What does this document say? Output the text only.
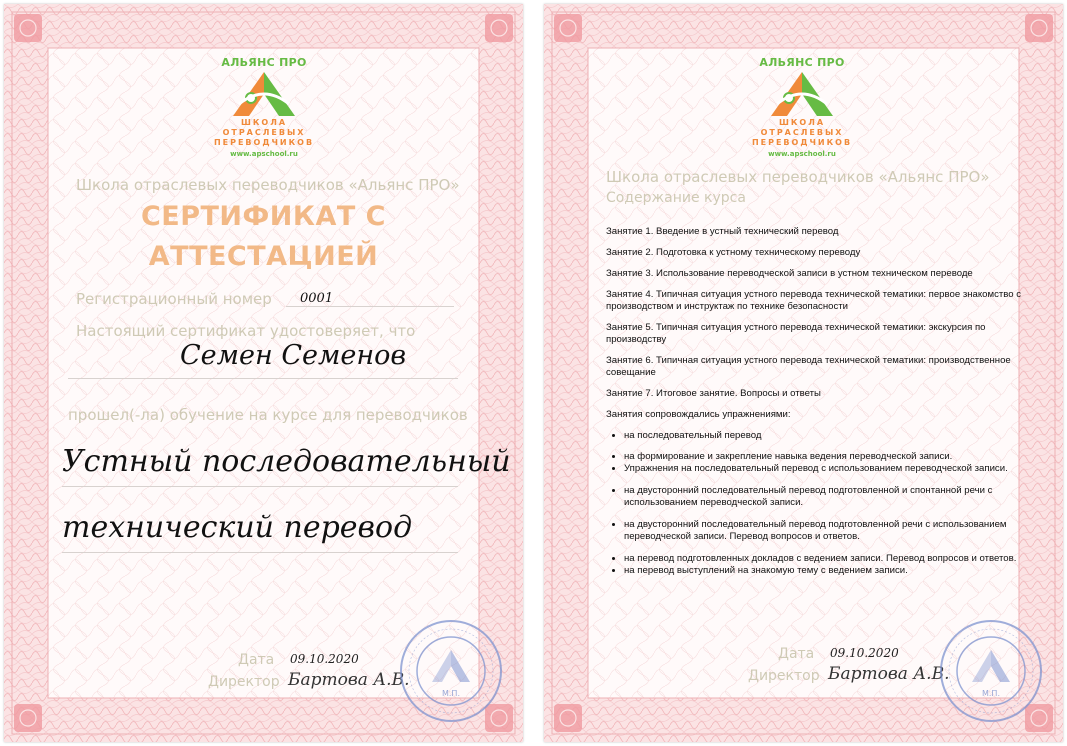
АЛЬЯНС ПРО
ШКОЛА
ОТРАСЛЕВЫХ
ПЕРЕВОДЧИКОВ
www.apschool.ru
Школа отраслевых переводчиков «Альянс ПРО»
СЕРТИФИКАТ С
АТТЕСТАЦИЕЙ
Регистрационный номер 0001
Настоящий сертификат удостоверяет, что
Семен Семенов
прошел(-ла) обучение на курсе для переводчиков
Устный последовательный
технический перевод
Дата 09.10.2020
Директор Бартова А.В.
М.П.
АЛЬЯНС ПРО
ШКОЛА
ОТРАСЛЕВЫХ
ПЕРЕВОДЧИКОВ
www.apschool.ru
Школа отраслевых переводчиков «Альянс ПРО»
Содержание курса

Занятие 1. Введение в устный технический перевод

Занятие 2. Подготовка к устному техническому переводу

Занятие 3. Использование переводческой записи в устном техническом переводе

Занятие 4. Типичная ситуация устного перевода технической тематики: первое знакомство с производством и инструктаж по технике безопасности

Занятие 5. Типичная ситуация устного перевода технической тематики: экскурсия по производству

Занятие 6. Типичная ситуация устного перевода технической тематики: производственное совещание

Занятие 7. Итоговое занятие. Вопросы и ответы

Занятия сопровождались упражнениями:

• на последовательный перевод
• на формирование и закрепление навыка ведения переводческой записи.
• Упражнения на последовательный перевод с использованием переводческой записи.
• на двусторонний последовательный перевод подготовленной и спонтанной речи с использованием переводческой записи.
• на двусторонний последовательный перевод подготовленной речи с использованием переводческой записи. Перевод вопросов и ответов.
• на перевод подготовленных докладов с ведением записи. Перевод вопросов и ответов.
• на перевод выступлений на знакомую тему с ведением записи.
Дата 09.10.2020
Директор Бартова А.В.
М.П.
